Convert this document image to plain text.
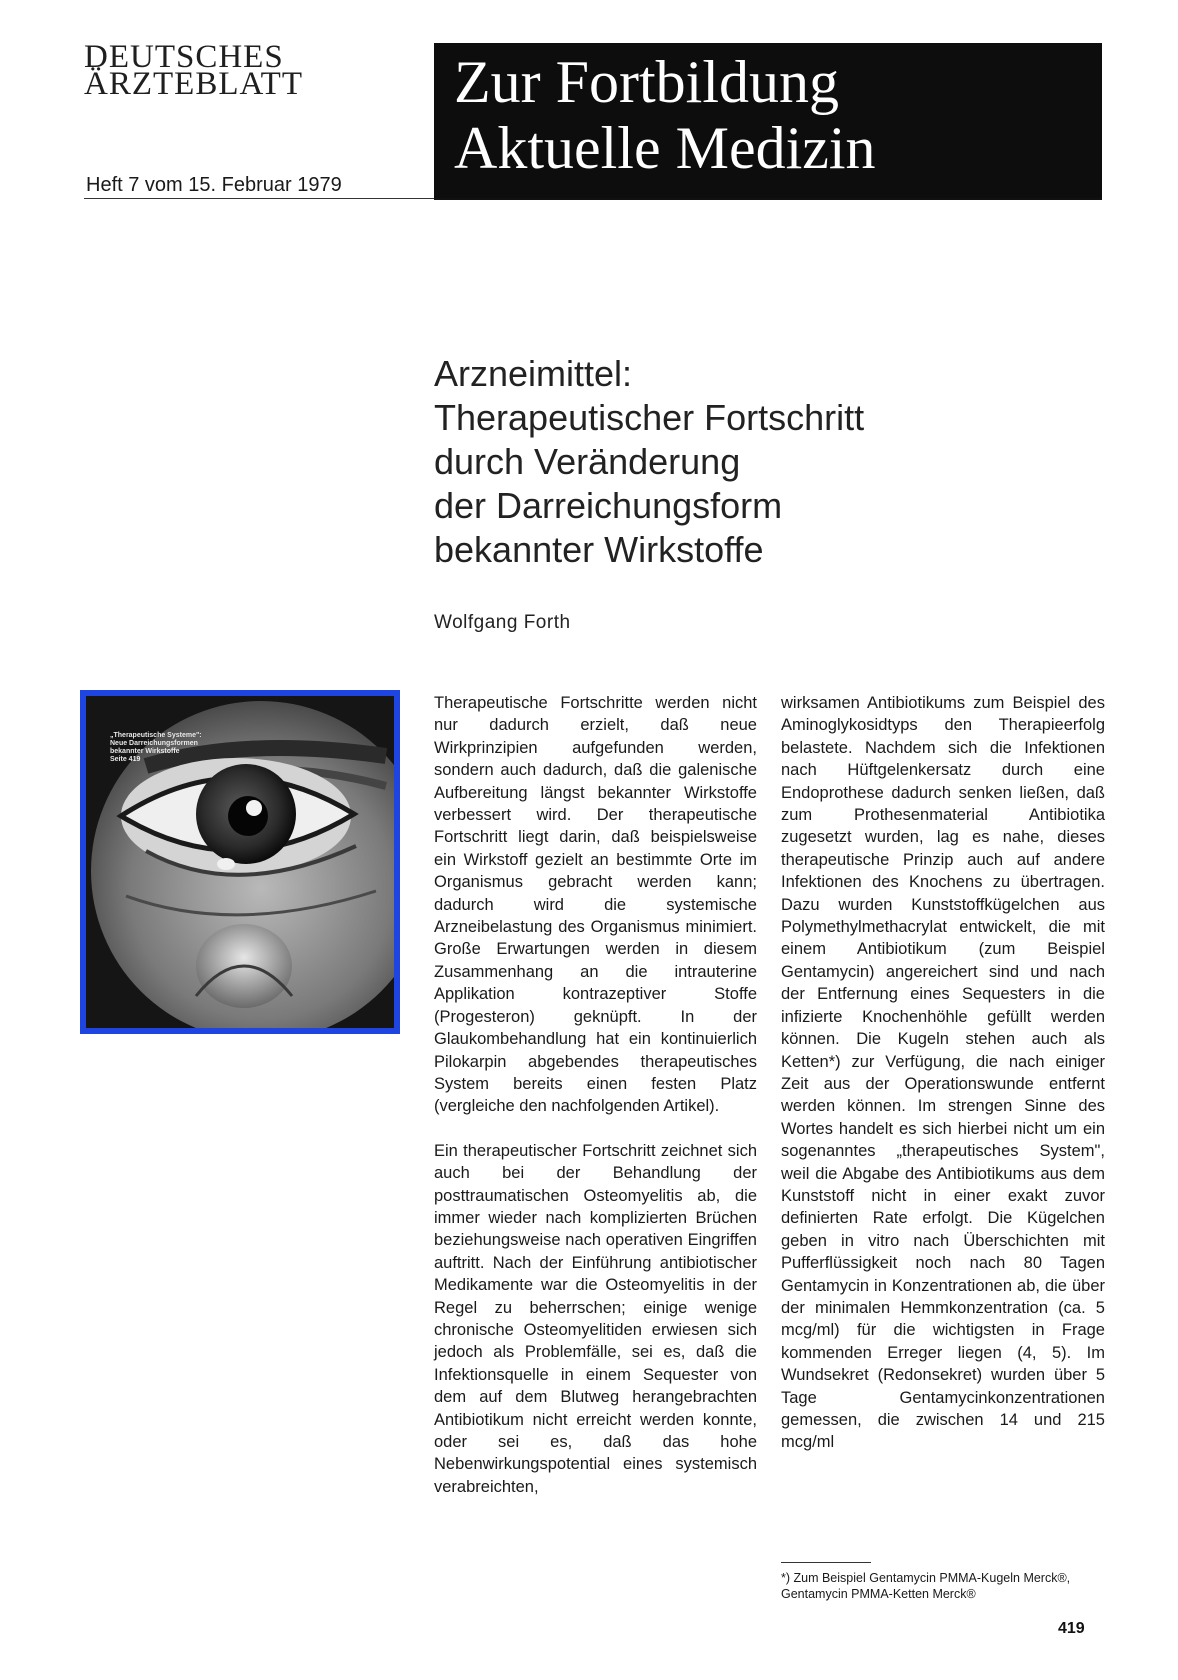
DEUTSCHES
ÄRZTEBLATT
Heft 7 vom 15. Februar 1979
Zur Fortbildung
Aktuelle Medizin
Arzneimittel:
Therapeutischer Fortschritt
durch Veränderung
der Darreichungsform
bekannter Wirkstoffe
Wolfgang Forth
„Therapeutische Systeme":
Neue Darreichungsformen
bekannter Wirkstoffe
Seite 419

Therapeutische Fortschritte werden nicht nur dadurch erzielt, daß neue Wirkprinzipien aufgefunden werden, sondern auch dadurch, daß die galenische Aufbereitung längst bekannter Wirkstoffe verbessert wird. Der therapeutische Fortschritt liegt darin, daß beispielsweise ein Wirkstoff gezielt an bestimmte Orte im Organismus gebracht werden kann; dadurch wird die systemische Arzneibelastung des Organismus minimiert. Große Erwartungen werden in diesem Zusammenhang an die intrauterine Applikation kontrazeptiver Stoffe (Progesteron) geknüpft. In der Glaukombehandlung hat ein kontinuierlich Pilokarpin abgebendes therapeutisches System bereits einen festen Platz (vergleiche den nachfolgenden Artikel).

Ein therapeutischer Fortschritt zeichnet sich auch bei der Behandlung der posttraumatischen Osteomyelitis ab, die immer wieder nach komplizierten Brüchen beziehungsweise nach operativen Eingriffen auftritt. Nach der Einführung antibiotischer Medikamente war die Osteomyelitis in der Regel zu beherrschen; einige wenige chronische Osteomyelitiden erwiesen sich jedoch als Problemfälle, sei es, daß die Infektionsquelle in einem Sequester von dem auf dem Blutweg herangebrachten Antibiotikum nicht erreicht werden konnte, oder sei es, daß das hohe Nebenwirkungspotential eines systemisch verabreichten,

wirksamen Antibiotikums zum Beispiel des Aminoglykosidtyps den Therapieerfolg belastete. Nachdem sich die Infektionen nach Hüftgelenkersatz durch eine Endoprothese dadurch senken ließen, daß zum Prothesenmaterial Antibiotika zugesetzt wurden, lag es nahe, dieses therapeutische Prinzip auch auf andere Infektionen des Knochens zu übertragen. Dazu wurden Kunststoffkügelchen aus Polymethylmethacrylat entwickelt, die mit einem Antibiotikum (zum Beispiel Gentamycin) angereichert sind und nach der Entfernung eines Sequesters in die infizierte Knochenhöhle gefüllt werden können. Die Kugeln stehen auch als Ketten*) zur Verfügung, die nach einiger Zeit aus der Operationswunde entfernt werden können. Im strengen Sinne des Wortes handelt es sich hierbei nicht um ein sogenanntes „therapeutisches System", weil die Abgabe des Antibiotikums aus dem Kunststoff nicht in einer exakt zuvor definierten Rate erfolgt. Die Kügelchen geben in vitro nach Überschichten mit Pufferflüssigkeit noch nach 80 Tagen Gentamycin in Konzentrationen ab, die über der minimalen Hemmkonzentration (ca. 5 mcg/ml) für die wichtigsten in Frage kommenden Erreger liegen (4, 5). Im Wundsekret (Redonsekret) wurden über 5 Tage Gentamycinkonzentrationen gemessen, die zwischen 14 und 215 mcg/ml

*) Zum Beispiel Gentamycin PMMA-Kugeln Merck®, Gentamycin PMMA-Ketten Merck®
419
